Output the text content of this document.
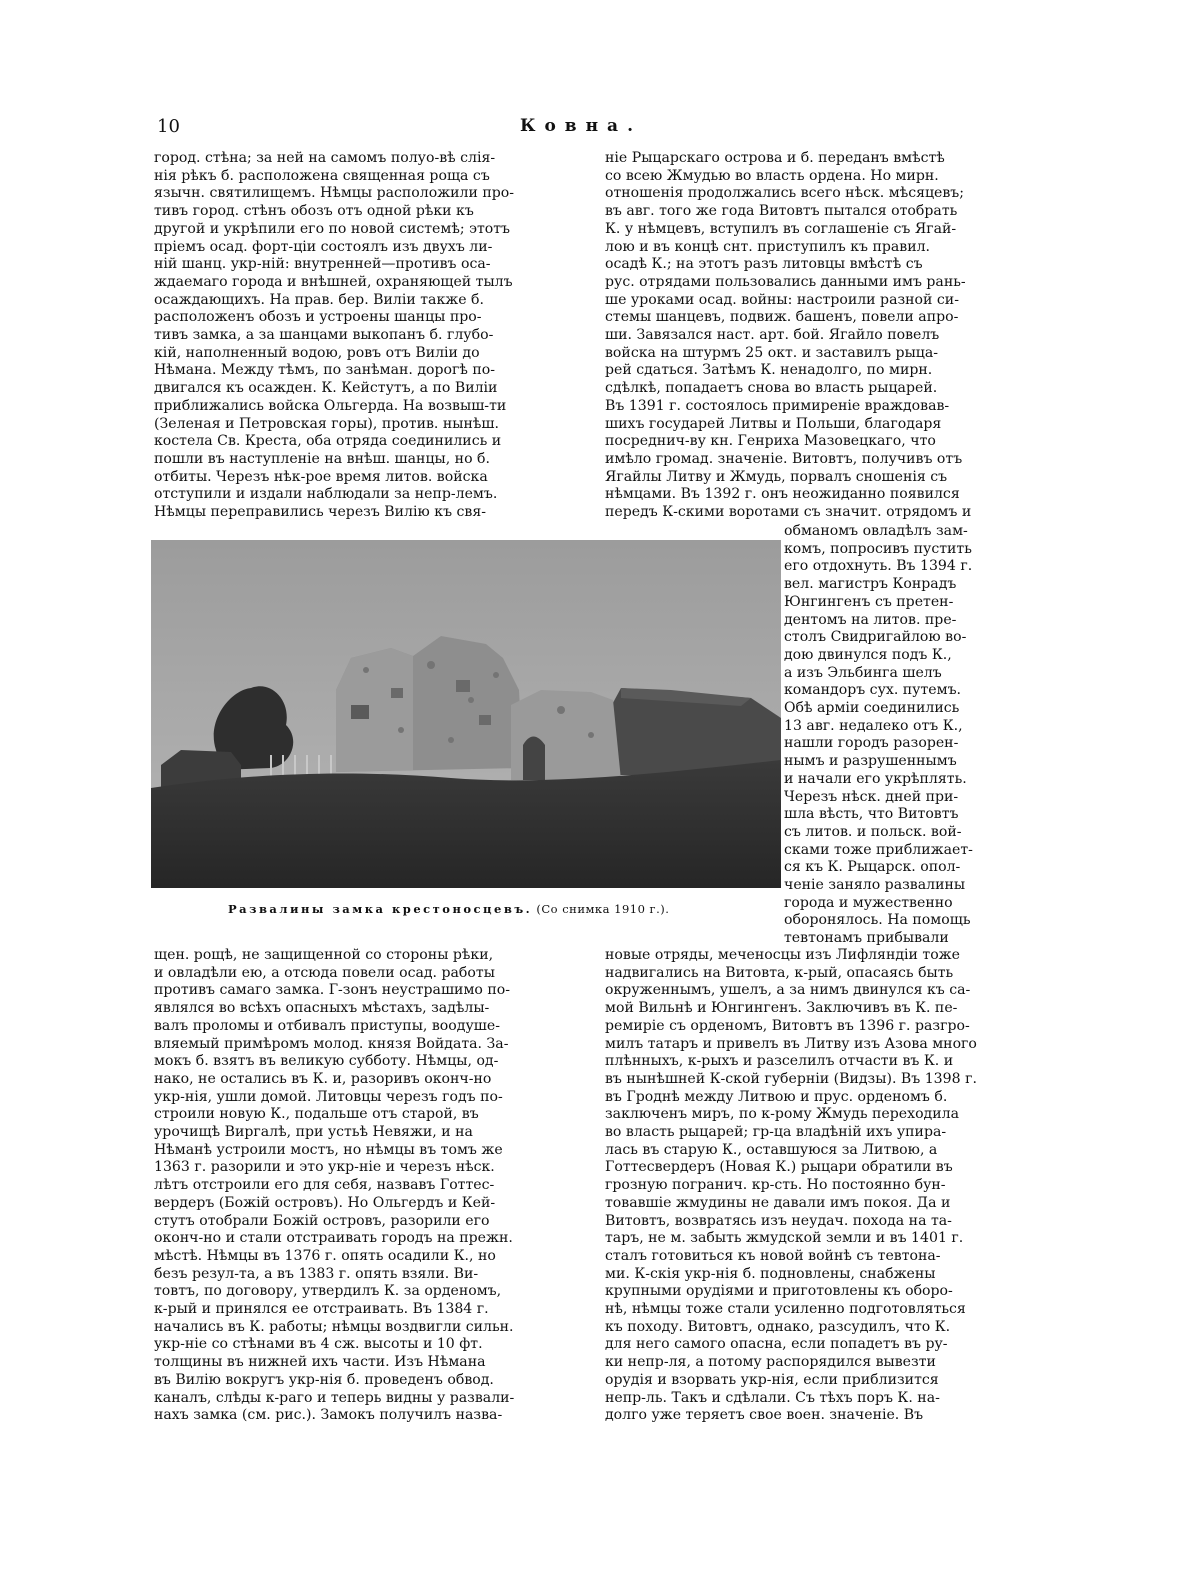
10	Ковна.
город. стѣна; за ней на самомъ полуо-вѣ слія-
нія рѣкъ б. расположена священная роща съ
язычн. святилищемъ. Нѣмцы расположили про-
тивъ город. стѣнъ обозъ отъ одной рѣки къ
другой и укрѣпили его по новой системѣ; этотъ
пріемъ осад. форт-ціи состоялъ изъ двухъ ли-
ній шанц. укр-ній: внутренней—противъ оса-
ждаемаго города и внѣшней, охраняющей тылъ
осаждающихъ. На прав. бер. Виліи также б.
расположенъ обозъ и устроены шанцы про-
тивъ замка, а за шанцами выкопанъ б. глубо-
кій, наполненный водою, ровъ отъ Виліи до
Нѣмана. Между тѣмъ, по занѣман. дорогѣ по-
двигался къ осажден. К. Кейстутъ, а по Виліи
приближались войска Ольгерда. На возвыш-ти
(Зеленая и Петровская горы), против. нынѣш.
костела Св. Креста, оба отряда соединились и
пошли въ наступленіе на внѣш. шанцы, но б.
отбиты. Черезъ нѣк-рое время литов. войска
отступили и издали наблюдали за непр-лемъ.
Нѣмцы переправились черезъ Вилію къ свя-
ніе Рыцарскаго острова и б. переданъ вмѣстѣ
со всею Жмудью во власть ордена. Но мирн.
отношенія продолжались всего нѣск. мѣсяцевъ;
въ авг. того же года Витовтъ пытался отобрать
К. у нѣмцевъ, вступилъ въ соглашеніе съ Ягай-
лою и въ концѣ снт. приступилъ къ правил.
осадѣ К.; на этотъ разъ литовцы вмѣстѣ съ
рус. отрядами пользовались данными имъ рань-
ше уроками осад. войны: настроили разной си-
стемы шанцевъ, подвиж. башенъ, повели апро-
ши. Завязался наст. арт. бой. Ягайло повелъ
войска на штурмъ 25 окт. и заставилъ рыца-
рей сдаться. Затѣмъ К. ненадолго, по мирн.
сдѣлкѣ, попадаетъ снова во власть рыцарей.
Въ 1391 г. состоялось примиреніе враждовав-
шихъ государей Литвы и Польши, благодаря
посреднич-ву кн. Генриха Мазовецкаго, что
имѣло громад. значеніе. Витовтъ, получивъ отъ
Ягайлы Литву и Жмудь, порвалъ сношенія съ
нѣмцами. Въ 1392 г. онъ неожиданно появился
передъ К-скими воротами съ значит. отрядомъ и
Развалины замка крестоносцевъ. (Со снимка 1910 г.).
обманомъ овладѣлъ зам-
комъ, попросивъ пустить
его отдохнуть. Въ 1394 г.
вел. магистръ Конрадъ
Юнгингенъ съ претен-
дентомъ на литов. пре-
столъ Свидригайлою во-
дою двинулся подъ К.,
а изъ Эльбинга шелъ
командоръ сух. путемъ.
Обѣ арміи соединились
13 авг. недалеко отъ К.,
нашли городъ разорен-
нымъ и разрушеннымъ
и начали его укрѣплять.
Черезъ нѣск. дней при-
шла вѣсть, что Витовтъ
съ литов. и польск. вой-
сками тоже приближает-
ся къ К. Рыцарск. опол-
ченіе заняло развалины
города и мужественно
оборонялось. На помощь
тевтонамъ прибывали
щен. рощѣ, не защищенной со стороны рѣки,
и овладѣли ею, а отсюда повели осад. работы
противъ самаго замка. Г-зонъ неустрашимо по-
являлся во всѣхъ опасныхъ мѣстахъ, задѣлы-
валъ проломы и отбивалъ приступы, воодуше-
вляемый примѣромъ молод. князя Войдата. За-
мокъ б. взятъ въ великую субботу. Нѣмцы, од-
нако, не остались въ К. и, разоривъ оконч-но
укр-нія, ушли домой. Литовцы черезъ годъ по-
строили новую К., подальше отъ старой, въ
урочищѣ Виргалѣ, при устьѣ Невяжи, и на
Нѣманѣ устроили мостъ, но нѣмцы въ томъ же
1363 г. разорили и это укр-ніе и черезъ нѣск.
лѣтъ отстроили его для себя, назвавъ Готтес-
вердеръ (Божій островъ). Но Ольгердъ и Кей-
стутъ отобрали Божій островъ, разорили его
оконч-но и стали отстраивать городъ на прежн.
мѣстѣ. Нѣмцы въ 1376 г. опять осадили К., но
безъ резул-та, а въ 1383 г. опять взяли. Ви-
товтъ, по договору, утвердилъ К. за орденомъ,
к-рый и принялся ее отстраивать. Въ 1384 г.
начались въ К. работы; нѣмцы воздвигли сильн.
укр-ніе со стѣнами въ 4 сж. высоты и 10 фт.
толщины въ нижней ихъ части. Изъ Нѣмана
въ Вилію вокругъ укр-нія б. проведенъ обвод.
каналъ, слѣды к-раго и теперь видны у развали-
нахъ замка (см. рис.). Замокъ получилъ назва-
новые отряды, меченосцы изъ Лифляндіи тоже
надвигались на Витовта, к-рый, опасаясь быть
окруженнымъ, ушелъ, а за нимъ двинулся къ са-
мой Вильнѣ и Юнгингенъ. Заключивъ въ К. пе-
ремиріе съ орденомъ, Витовтъ въ 1396 г. разгро-
милъ татаръ и привелъ въ Литву изъ Азова много
плѣнныхъ, к-рыхъ и разселилъ отчасти въ К. и
въ нынѣшней К-ской губерніи (Видзы). Въ 1398 г.
въ Гроднѣ между Литвою и прус. орденомъ б.
заключенъ миръ, по к-рому Жмудь переходила
во власть рыцарей; гр-ца владѣній ихъ упира-
лась въ старую К., оставшуюся за Литвою, а
Готтесвердеръ (Новая К.) рыцари обратили въ
грозную погранич. кр-сть. Но постоянно бун-
товавшіе жмудины не давали имъ покоя. Да и
Витовтъ, возвратясь изъ неудач. похода на та-
таръ, не м. забыть жмудской земли и въ 1401 г.
сталъ готовиться къ новой войнѣ съ тевтона-
ми. К-скія укр-нія б. подновлены, снабжены
крупными орудіями и приготовлены къ оборо-
нѣ, нѣмцы тоже стали усиленно подготовляться
къ походу. Витовтъ, однако, разсудилъ, что К.
для него самого опасна, если попадетъ въ ру-
ки непр-ля, а потому распорядился вывезти
орудія и взорвать укр-нія, если приблизится
непр-ль. Такъ и сдѣлали. Съ тѣхъ поръ К. на-
долго уже теряетъ свое воен. значеніе. Въ
